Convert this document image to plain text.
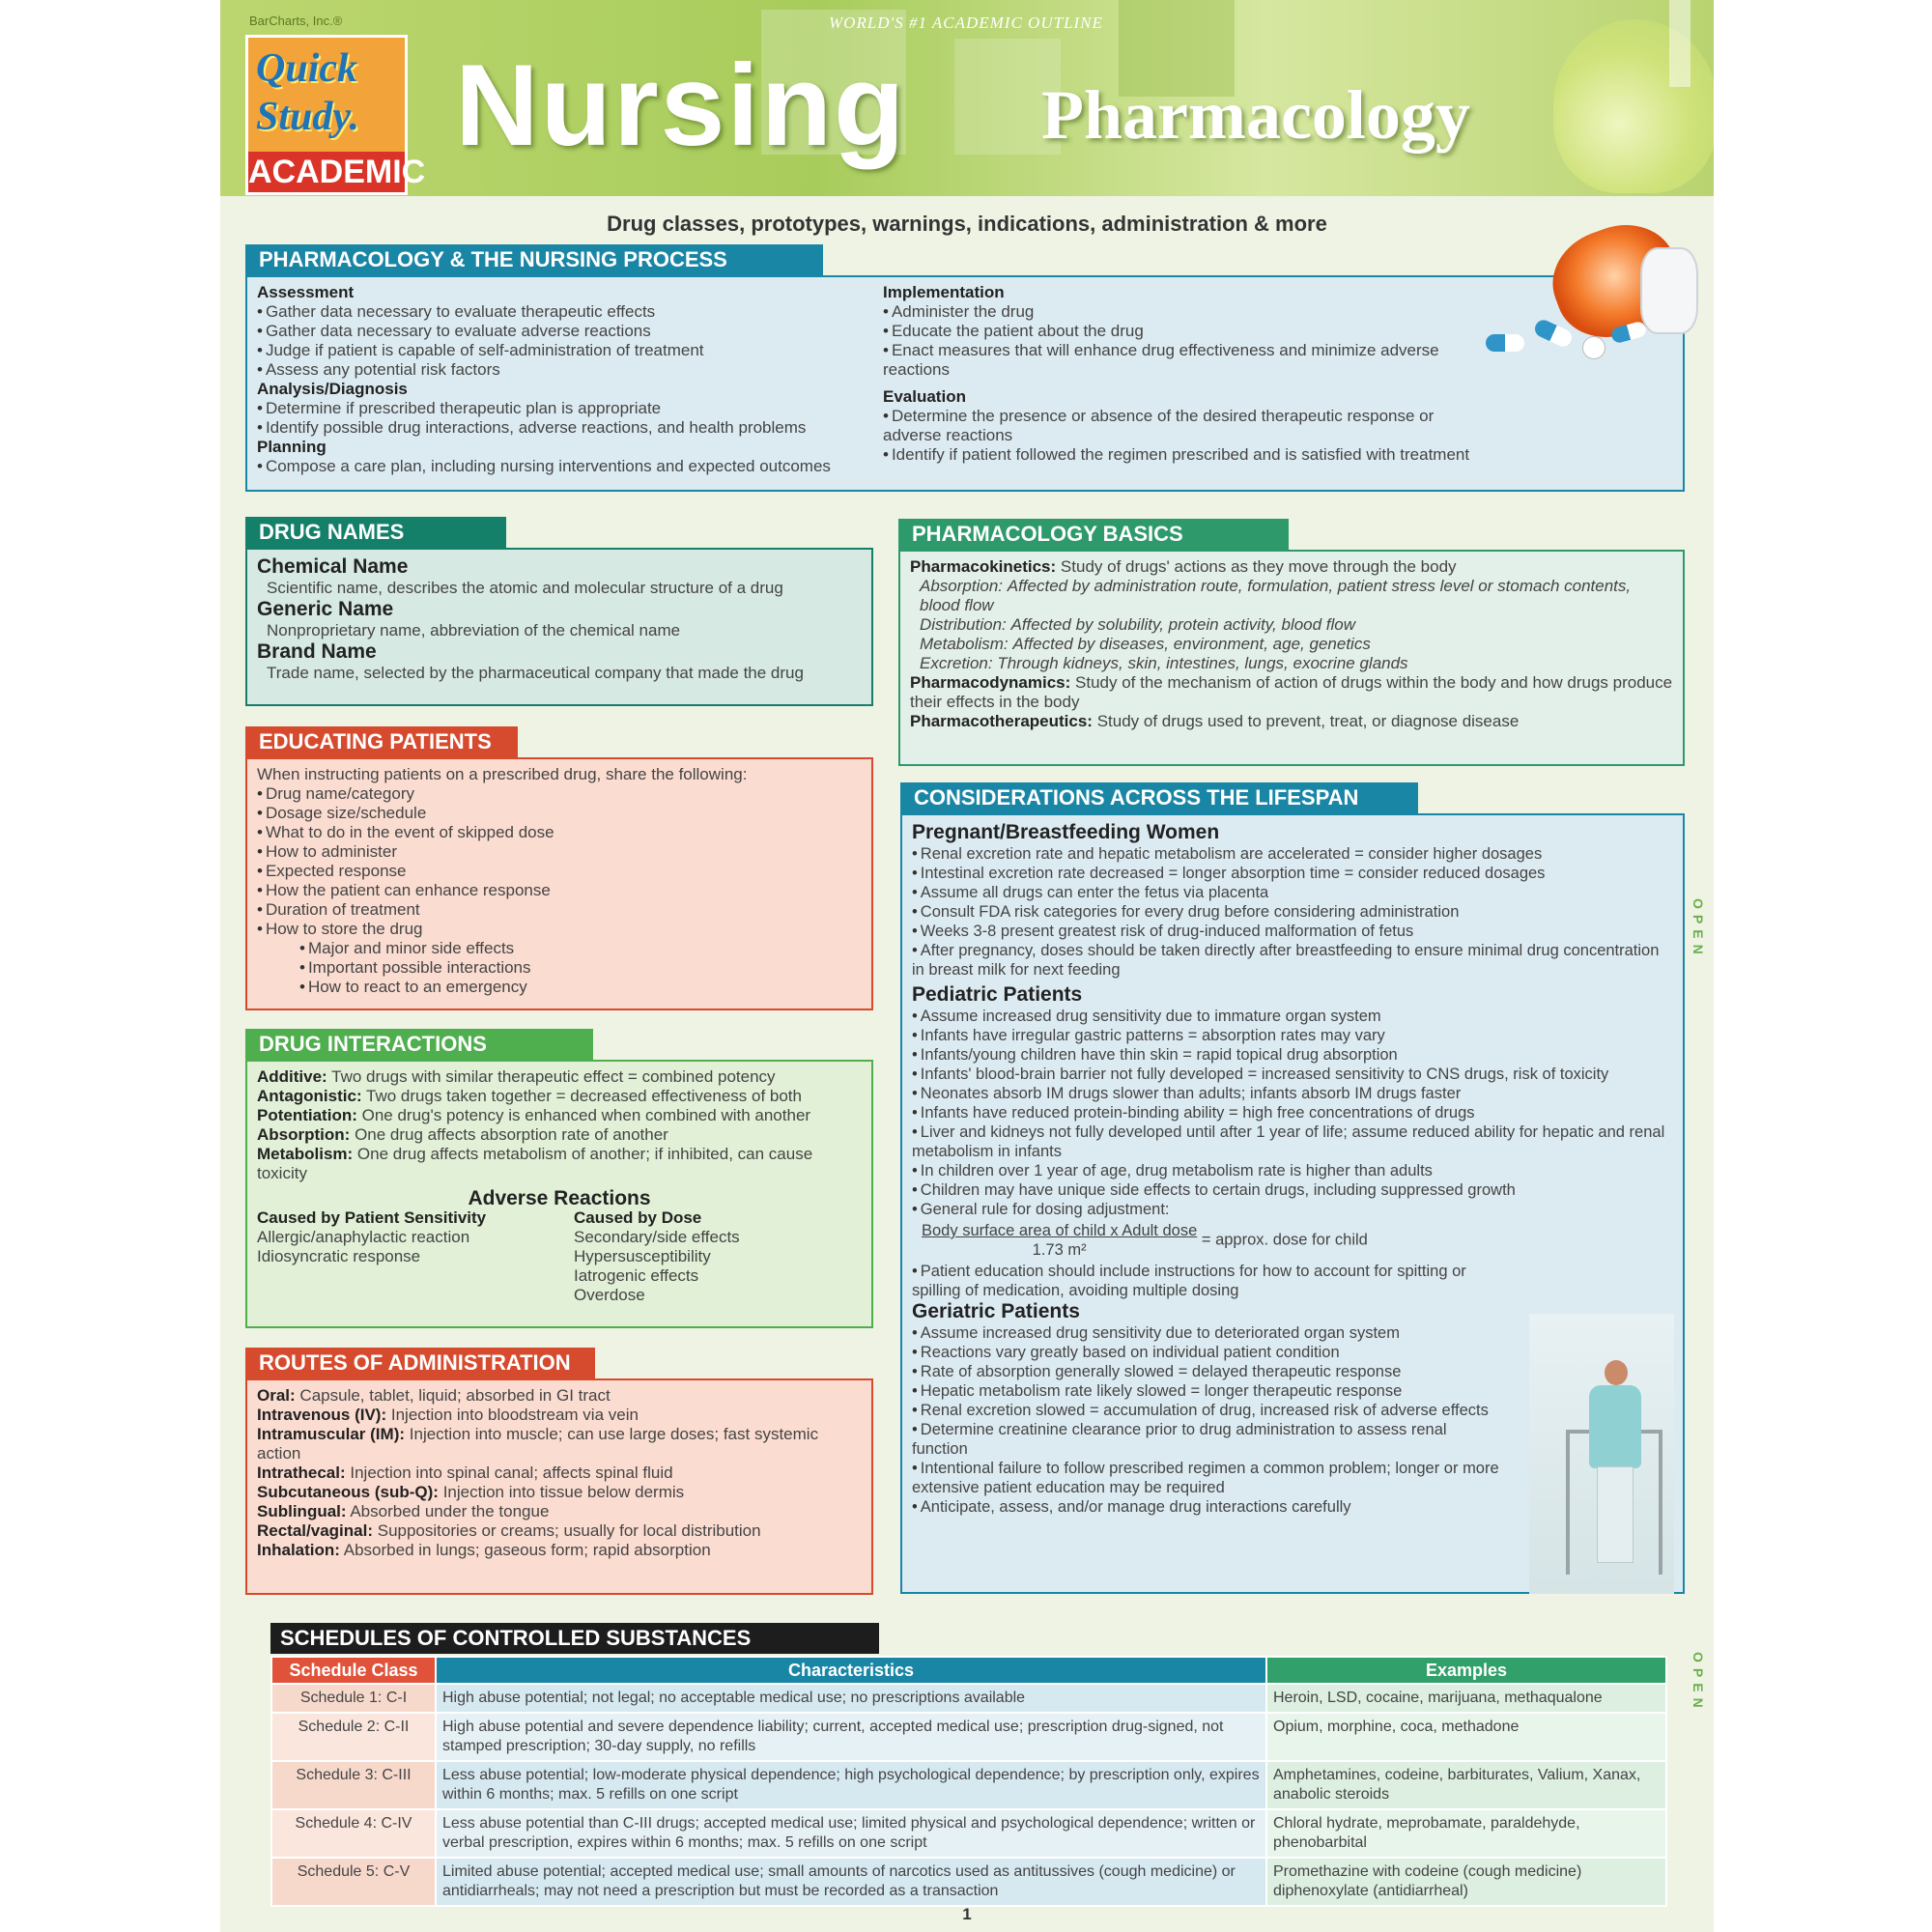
BarCharts, Inc.®	WORLD'S #1 ACADEMIC OUTLINE
Quick
Study.
ACADEMIC
Nursing Pharmacology
Drug classes, prototypes, warnings, indications, administration & more
PHARMACOLOGY & THE NURSING PROCESS
Assessment
• Gather data necessary to evaluate therapeutic effects
• Gather data necessary to evaluate adverse reactions
• Judge if patient is capable of self-administration of treatment
• Assess any potential risk factors
Analysis/Diagnosis
• Determine if prescribed therapeutic plan is appropriate
• Identify possible drug interactions, adverse reactions, and health problems
Planning
• Compose a care plan, including nursing interventions and expected outcomes
Implementation
• Administer the drug
• Educate the patient about the drug
• Enact measures that will enhance drug effectiveness and minimize adverse reactions
Evaluation
• Determine the presence or absence of the desired therapeutic response or adverse reactions
• Identify if patient followed the regimen prescribed and is satisfied with treatment
DRUG NAMES
Chemical Name
Scientific name, describes the atomic and molecular structure of a drug
Generic Name
Nonproprietary name, abbreviation of the chemical name
Brand Name
Trade name, selected by the pharmaceutical company that made the drug
EDUCATING PATIENTS
When instructing patients on a prescribed drug, share the following:
• Drug name/category
• Dosage size/schedule
• What to do in the event of skipped dose
• How to administer
• Expected response
• How the patient can enhance response
• Duration of treatment
• How to store the drug
• Major and minor side effects
• Important possible interactions
• How to react to an emergency
DRUG INTERACTIONS
Additive: Two drugs with similar therapeutic effect = combined potency
Antagonistic: Two drugs taken together = decreased effectiveness of both
Potentiation: One drug's potency is enhanced when combined with another
Absorption: One drug affects absorption rate of another
Metabolism: One drug affects metabolism of another; if inhibited, can cause toxicity
Adverse Reactions
Caused by Patient Sensitivity
Allergic/anaphylactic reaction
Idiosyncratic response
Caused by Dose
Secondary/side effects
Hypersusceptibility
Iatrogenic effects
Overdose
ROUTES OF ADMINISTRATION
Oral: Capsule, tablet, liquid; absorbed in GI tract
Intravenous (IV): Injection into bloodstream via vein
Intramuscular (IM): Injection into muscle; can use large doses; fast systemic action
Intrathecal: Injection into spinal canal; affects spinal fluid
Subcutaneous (sub-Q): Injection into tissue below dermis
Sublingual: Absorbed under the tongue
Rectal/vaginal: Suppositories or creams; usually for local distribution
Inhalation: Absorbed in lungs; gaseous form; rapid absorption
PHARMACOLOGY BASICS
Pharmacokinetics: Study of drugs' actions as they move through the body
Absorption: Affected by administration route, formulation, patient stress level or stomach contents, blood flow
Distribution: Affected by solubility, protein activity, blood flow
Metabolism: Affected by diseases, environment, age, genetics
Excretion: Through kidneys, skin, intestines, lungs, exocrine glands
Pharmacodynamics: Study of the mechanism of action of drugs within the body and how drugs produce their effects in the body
Pharmacotherapeutics: Study of drugs used to prevent, treat, or diagnose disease
CONSIDERATIONS ACROSS THE LIFESPAN
Pregnant/Breastfeeding Women
• Renal excretion rate and hepatic metabolism are accelerated = consider higher dosages
• Intestinal excretion rate decreased = longer absorption time = consider reduced dosages
• Assume all drugs can enter the fetus via placenta
• Consult FDA risk categories for every drug before considering administration
• Weeks 3-8 present greatest risk of drug-induced malformation of fetus
• After pregnancy, doses should be taken directly after breastfeeding to ensure minimal drug concentration in breast milk for next feeding
Pediatric Patients
• Assume increased drug sensitivity due to immature organ system
• Infants have irregular gastric patterns = absorption rates may vary
• Infants/young children have thin skin = rapid topical drug absorption
• Infants' blood-brain barrier not fully developed = increased sensitivity to CNS drugs, risk of toxicity
• Neonates absorb IM drugs slower than adults; infants absorb IM drugs faster
• Infants have reduced protein-binding ability = high free concentrations of drugs
• Liver and kidneys not fully developed until after 1 year of life; assume reduced ability for hepatic and renal metabolism in infants
• In children over 1 year of age, drug metabolism rate is higher than adults
• Children may have unique side effects to certain drugs, including suppressed growth
• General rule for dosing adjustment:
$\frac{\text{Body surface area of child x Adult dose}}{\text{1.73 m²}}$ = approx. dose for child
• Patient education should include instructions for how to account for spitting or spilling of medication, avoiding multiple dosing
Geriatric Patients
• Assume increased drug sensitivity due to deteriorated organ system
• Reactions vary greatly based on individual patient condition
• Rate of absorption generally slowed = delayed therapeutic response
• Hepatic metabolism rate likely slowed = longer therapeutic response
• Renal excretion slowed = accumulation of drug, increased risk of adverse effects
• Determine creatinine clearance prior to drug administration to assess renal function
• Intentional failure to follow prescribed regimen a common problem; longer or more extensive patient education may be required
• Anticipate, assess, and/or manage drug interactions carefully
OPEN
OPEN
SCHEDULES OF CONTROLLED SUBSTANCES
Schedule Class	Characteristics	Examples
Schedule 1: C-I	High abuse potential; not legal; no acceptable medical use; no prescriptions available	Heroin, LSD, cocaine, marijuana, methaqualone
Schedule 2: C-II	High abuse potential and severe dependence liability; current, accepted medical use; prescription drug-signed, not stamped prescription; 30-day supply, no refills	Opium, morphine, coca, methadone
Schedule 3: C-III	Less abuse potential; low-moderate physical dependence; high psychological dependence; by prescription only, expires within 6 months; max. 5 refills on one script	Amphetamines, codeine, barbiturates, Valium, Xanax, anabolic steroids
Schedule 4: C-IV	Less abuse potential than C-III drugs; accepted medical use; limited physical and psychological dependence; written or verbal prescription, expires within 6 months; max. 5 refills on one script	Chloral hydrate, meprobamate, paraldehyde, phenobarbital
Schedule 5: C-V	Limited abuse potential; accepted medical use; small amounts of narcotics used as antitussives (cough medicine) or antidiarrheals; may not need a prescription but must be recorded as a transaction	Promethazine with codeine (cough medicine) diphenoxylate (antidiarrheal)
1
